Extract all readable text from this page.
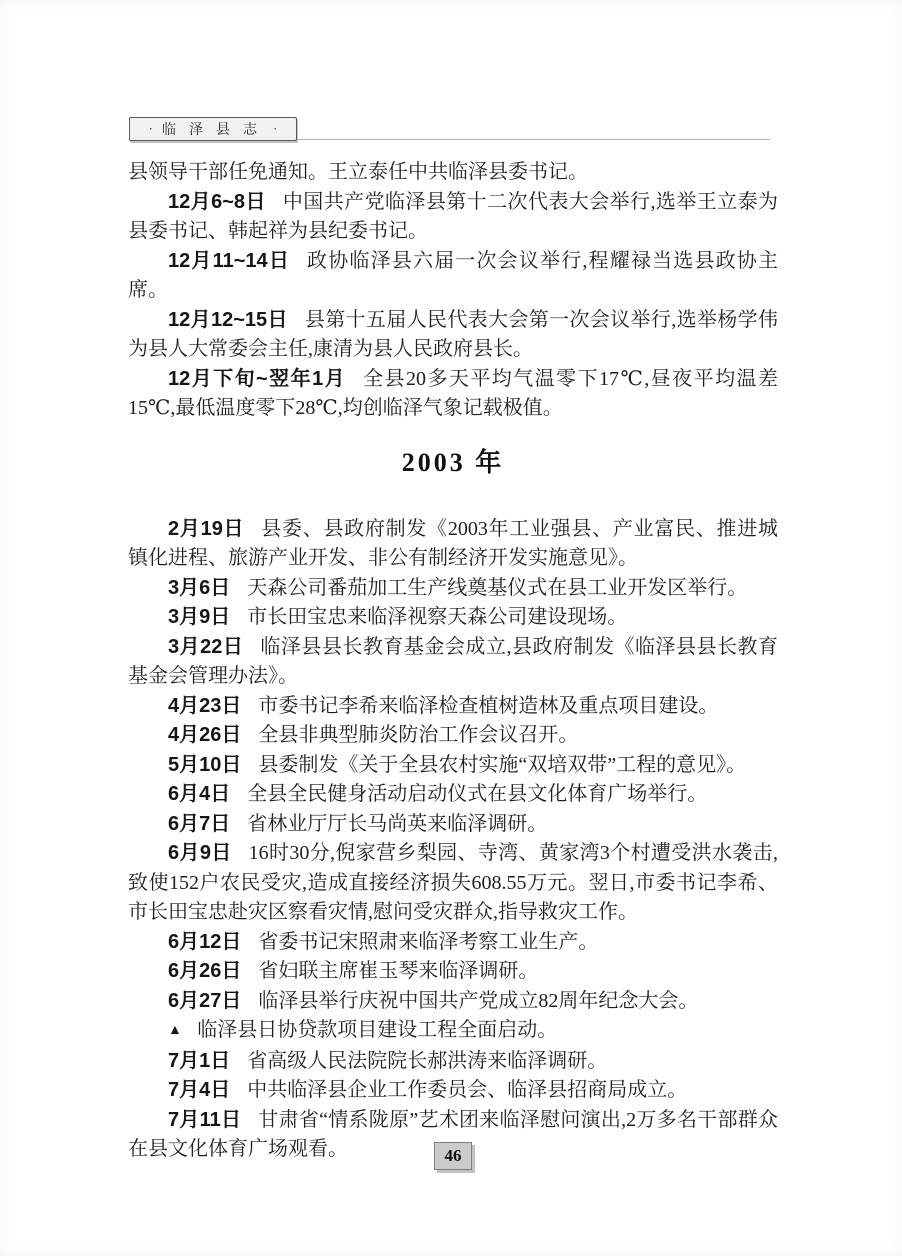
· 临泽县志 ·

县领导干部任免通知。王立泰任中共临泽县委书记。

12月6~8日 中国共产党临泽县第十二次代表大会举行,选举王立泰为县委书记、韩起祥为县纪委书记。

12月11~14日 政协临泽县六届一次会议举行,程耀禄当选县政协主席。

12月12~15日 县第十五届人民代表大会第一次会议举行,选举杨学伟为县人大常委会主任,康清为县人民政府县长。

12月下旬~翌年1月 全县20多天平均气温零下17℃,昼夜平均温差15℃,最低温度零下28℃,均创临泽气象记载极值。

2003 年

2月19日 县委、县政府制发《2003年工业强县、产业富民、推进城镇化进程、旅游产业开发、非公有制经济开发实施意见》。

3月6日 天森公司番茄加工生产线奠基仪式在县工业开发区举行。

3月9日 市长田宝忠来临泽视察天森公司建设现场。

3月22日 临泽县县长教育基金会成立,县政府制发《临泽县县长教育基金会管理办法》。

4月23日 市委书记李希来临泽检查植树造林及重点项目建设。

4月26日 全县非典型肺炎防治工作会议召开。

5月10日 县委制发《关于全县农村实施“双培双带”工程的意见》。

6月4日 全县全民健身活动启动仪式在县文化体育广场举行。

6月7日 省林业厅厅长马尚英来临泽调研。

6月9日 16时30分,倪家营乡梨园、寺湾、黄家湾3个村遭受洪水袭击,致使152户农民受灾,造成直接经济损失608.55万元。翌日,市委书记李希、市长田宝忠赴灾区察看灾情,慰问受灾群众,指导救灾工作。

6月12日 省委书记宋照肃来临泽考察工业生产。

6月26日 省妇联主席崔玉琴来临泽调研。

6月27日 临泽县举行庆祝中国共产党成立82周年纪念大会。

▲ 临泽县日协贷款项目建设工程全面启动。

7月1日 省高级人民法院院长郝洪涛来临泽调研。

7月4日 中共临泽县企业工作委员会、临泽县招商局成立。

7月11日 甘肃省“情系陇原”艺术团来临泽慰问演出,2万多名干部群众在县文化体育广场观看。	46
